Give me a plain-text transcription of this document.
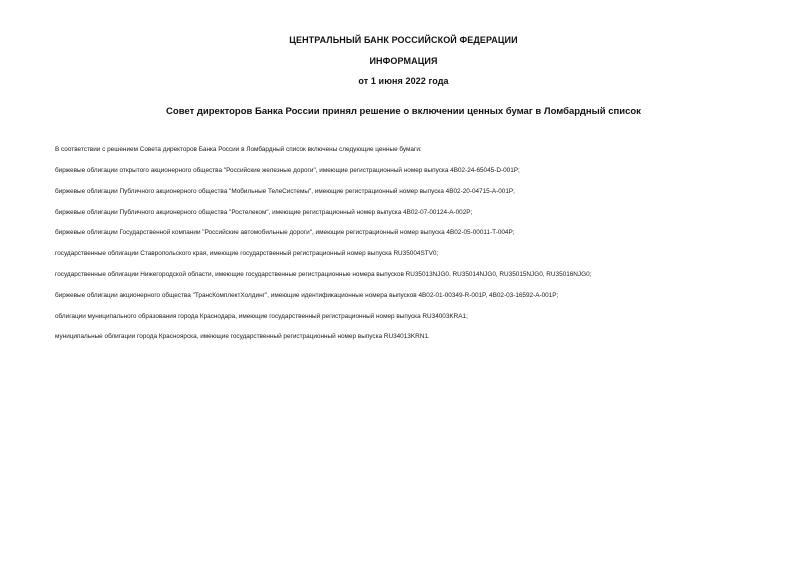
ЦЕНТРАЛЬНЫЙ БАНК РОССИЙСКОЙ ФЕДЕРАЦИИ
ИНФОРМАЦИЯ
от 1 июня 2022 года
Совет директоров Банка России принял решение о включении ценных бумаг в Ломбардный список
В соответствии с решением Совета директоров Банка России в Ломбардный список включены следующие ценные бумаги:
биржевые облигации открытого акционерного общества "Российские железные дороги", имеющие регистрационный номер выпуска 4B02-24-65045-D-001P;
биржевые облигации Публичного акционерного общества "Мобильные ТелеСистемы", имеющие регистрационный номер выпуска 4B02-20-04715-A-001P;
биржевые облигации Публичного акционерного общества "Ростелеком", имеющие регистрационный номер выпуска 4B02-07-00124-A-002P;
биржевые облигации Государственной компании "Российские автомобильные дороги", имеющие регистрационный номер выпуска 4B02-05-00011-T-004P;
государственные облигации Ставропольского края, имеющие государственный регистрационный номер выпуска RU35004STV0;
государственные облигации Нижегородской области, имеющие государственные регистрационные номера выпусков RU35013NJG0, RU35014NJG0, RU35015NJG0, RU35016NJG0;
биржевые облигации акционерного общества "ТрансКомплектХолдинг", имеющие идентификационные номера выпусков 4B02-01-00349-R-001P, 4B02-03-16592-A-001P;
облигации муниципального образования города Краснодара, имеющие государственный регистрационный номер выпуска RU34003KRA1;
муниципальные облигации города Красноярска, имеющие государственный регистрационный номер выпуска RU34013KRN1.
